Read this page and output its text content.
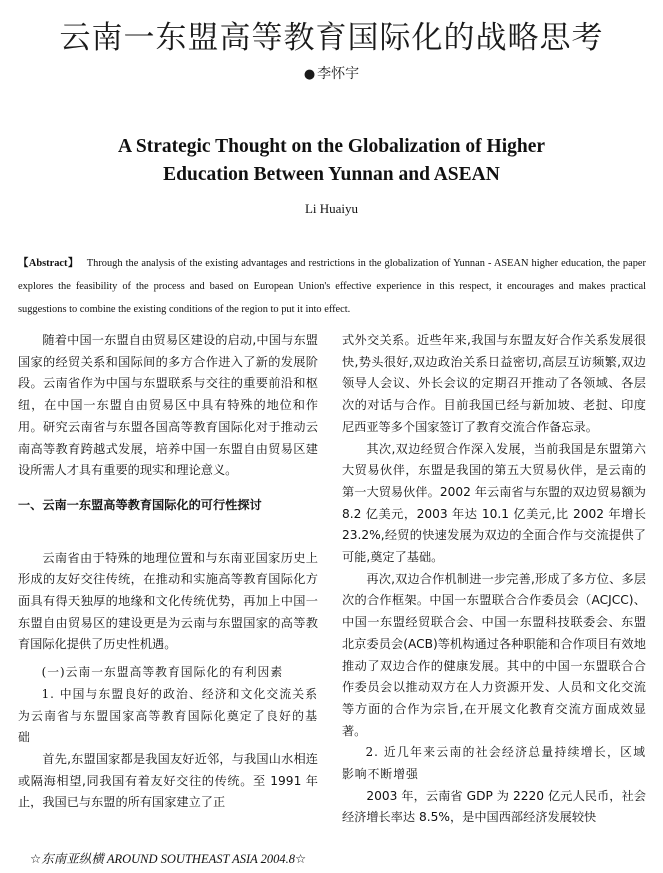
云南一东盟高等教育国际化的战略思考
● 李怀宇
A Strategic Thought on the Globalization of Higher
Education Between Yunnan and ASEAN
Li Huaiyu
【Abstract】 Through the analysis of the existing advantages and restrictions in the globalization of Yunnan - ASEAN higher education, the paper explores the feasibility of the process and based on European Union's effective experience in this respect, it encourages and makes practical suggestions to combine the existing conditions of the region to put it into effect.

随着中国一东盟自由贸易区建设的启动,中国与东盟国家的经贸关系和国际间的多方合作进入了新的发展阶段。云南省作为中国与东盟联系与交往的重要前沿和枢纽，在中国一东盟自由贸易区中具有特殊的地位和作用。研究云南省与东盟各国高等教育国际化对于推动云南高等教育跨越式发展，培养中国一东盟自由贸易区建设所需人才具有重要的现实和理论意义。

一、云南一东盟高等教育国际化的可行性探讨

云南省由于特殊的地理位置和与东南亚国家历史上形成的友好交往传统，在推动和实施高等教育国际化方面具有得天独厚的地缘和文化传统优势，再加上中国一东盟自由贸易区的建设更是为云南与东盟国家的高等教育国际化提供了历史性机遇。

(一)云南一东盟高等教育国际化的有利因素

1. 中国与东盟良好的政治、经济和文化交流关系为云南省与东盟国家高等教育国际化奠定了良好的基础

首先,东盟国家都是我国友好近邻，与我国山水相连或隔海相望,同我国有着友好交往的传统。至 1991 年止，我国已与东盟的所有国家建立了正

式外交关系。近些年来,我国与东盟友好合作关系发展很快,势头很好,双边政治关系日益密切,高层互访频繁,双边领导人会议、外长会议的定期召开推动了各领域、各层次的对话与合作。目前我国已经与新加坡、老挝、印度尼西亚等多个国家签订了教育交流合作备忘录。

其次,双边经贸合作深入发展，当前我国是东盟第六大贸易伙伴，东盟是我国的第五大贸易伙伴，是云南的第一大贸易伙伴。2002 年云南省与东盟的双边贸易额为 8.2 亿美元，2003 年达 10.1 亿美元,比 2002 年增长 23.2%,经贸的快速发展为双边的全面合作与交流提供了可能,奠定了基础。

再次,双边合作机制进一步完善,形成了多方位、多层次的合作框架。中国一东盟联合合作委员会（ACJCC)、中国一东盟经贸联合会、中国一东盟科技联委会、东盟北京委员会(ACB)等机构通过各种职能和合作项目有效地推动了双边合作的健康发展。其中的中国一东盟联合合作委员会以推动双方在人力资源开发、人员和文化交流等方面的合作为宗旨,在开展文化教育交流方面成效显著。

2. 近几年来云南的社会经济总量持续增长，区域影响不断增强

2003 年，云南省 GDP 为 2220 亿元人民币，社会经济增长率达 8.5%，是中国西部经济发展较快

☆东南亚纵横 AROUND SOUTHEAST ASIA 2004.8☆
